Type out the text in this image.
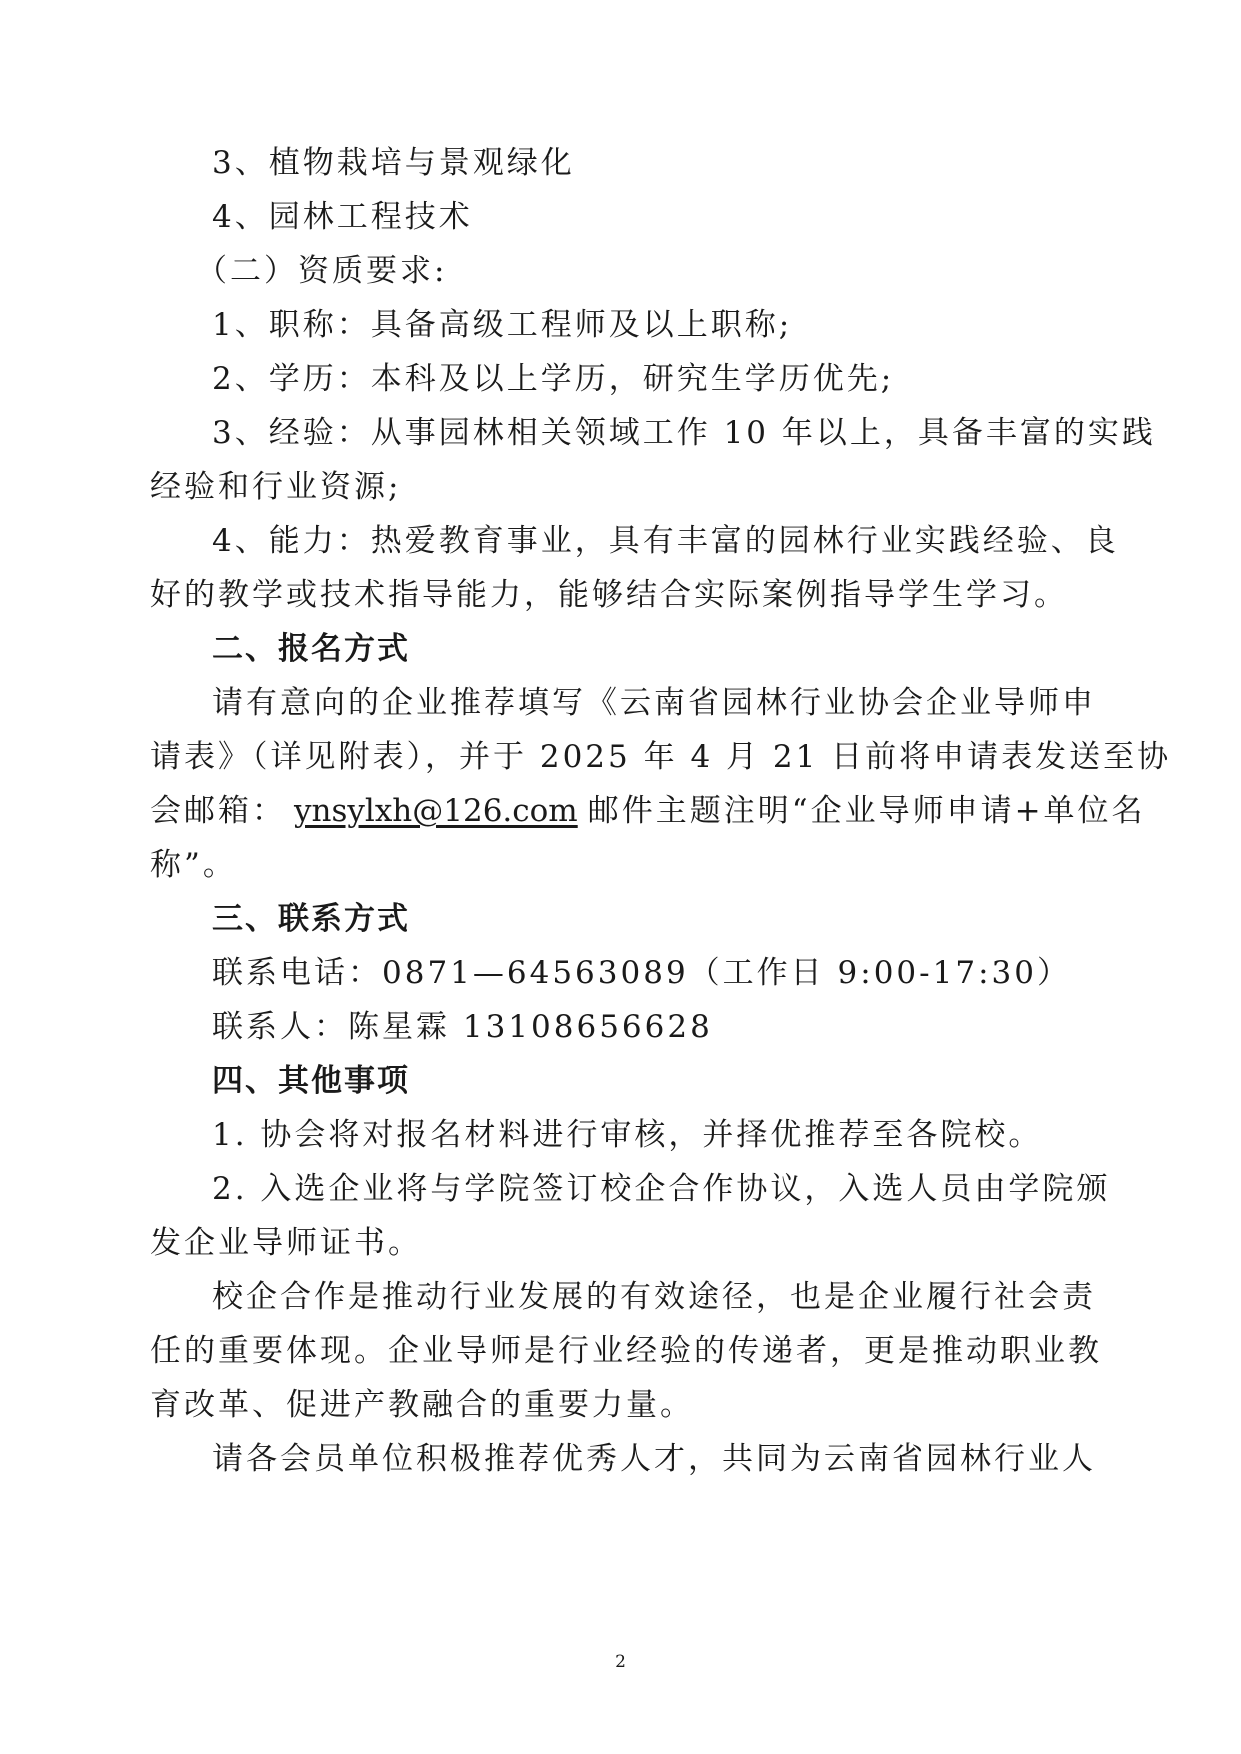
3、植物栽培与景观绿化
4、园林工程技术
（二）资质要求:
1、职称：具备高级工程师及以上职称;
2、学历：本科及以上学历，研究生学历优先;
3、经验：从事园林相关领域工作 10 年以上，具备丰富的实践
经验和行业资源;
4、能力：热爱教育事业，具有丰富的园林行业实践经验、良
好的教学或技术指导能力，能够结合实际案例指导学生学习。
二、报名方式
请有意向的企业推荐填写《云南省园林行业协会企业导师申
请表》（详见附表），并于 2025 年 4 月 21 日前将申请表发送至协
会邮箱： ynsylxh@126.com 邮件主题注明“企业导师申请+单位名
称”。
三、联系方式
联系电话：0871—64563089（工作日 9:00-17:30）
联系人：陈星霖 13108656628
四、其他事项
1. 协会将对报名材料进行审核，并择优推荐至各院校。
2. 入选企业将与学院签订校企合作协议，入选人员由学院颁
发企业导师证书。
校企合作是推动行业发展的有效途径，也是企业履行社会责
任的重要体现。企业导师是行业经验的传递者，更是推动职业教
育改革、促进产教融合的重要力量。
请各会员单位积极推荐优秀人才，共同为云南省园林行业人
2
